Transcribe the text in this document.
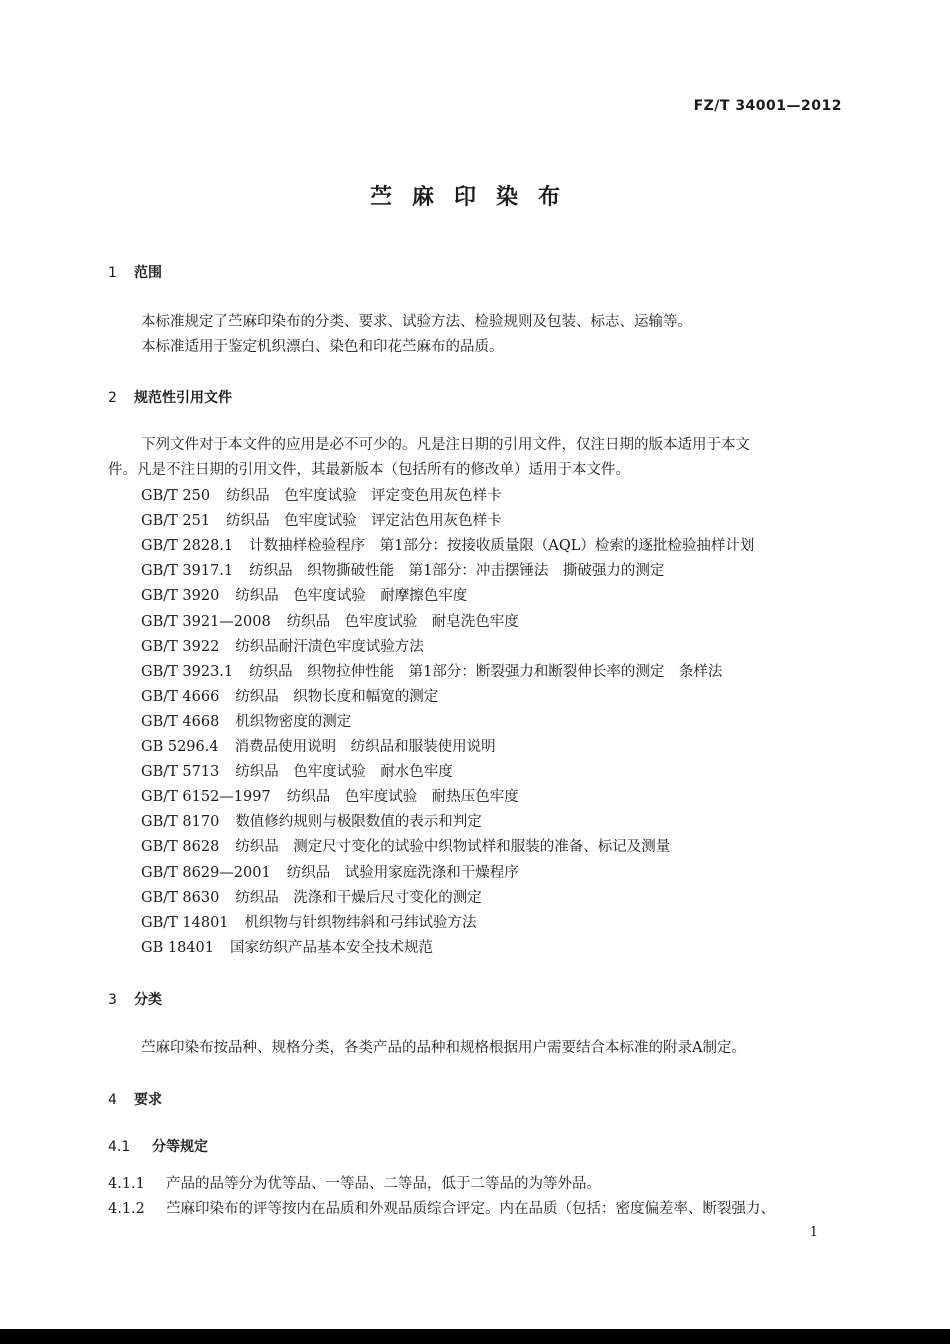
FZ/T 34001—2012
苎麻印染布
1 范围
本标准规定了苎麻印染布的分类、要求、试验方法、检验规则及包装、标志、运输等。
本标准适用于鉴定机织漂白、染色和印花苎麻布的品质。
2 规范性引用文件
下列文件对于本文件的应用是必不可少的。凡是注日期的引用文件，仅注日期的版本适用于本文
件。凡是不注日期的引用文件，其最新版本（包括所有的修改单）适用于本文件。
GB/T 250 纺织品　色牢度试验　评定变色用灰色样卡
GB/T 251 纺织品　色牢度试验　评定沾色用灰色样卡
GB/T 2828.1 计数抽样检验程序　第1部分：按接收质量限（AQL）检索的逐批检验抽样计划
GB/T 3917.1 纺织品　织物撕破性能　第1部分：冲击摆锤法　撕破强力的测定
GB/T 3920 纺织品　色牢度试验　耐摩擦色牢度
GB/T 3921—2008 纺织品　色牢度试验　耐皂洗色牢度
GB/T 3922 纺织品耐汗渍色牢度试验方法
GB/T 3923.1 纺织品　织物拉伸性能　第1部分：断裂强力和断裂伸长率的测定　条样法
GB/T 4666 纺织品　织物长度和幅宽的测定
GB/T 4668 机织物密度的测定
GB 5296.4 消费品使用说明　纺织品和服装使用说明
GB/T 5713 纺织品　色牢度试验　耐水色牢度
GB/T 6152—1997 纺织品　色牢度试验　耐热压色牢度
GB/T 8170 数值修约规则与极限数值的表示和判定
GB/T 8628 纺织品　测定尺寸变化的试验中织物试样和服装的准备、标记及测量
GB/T 8629—2001 纺织品　试验用家庭洗涤和干燥程序
GB/T 8630 纺织品　洗涤和干燥后尺寸变化的测定
GB/T 14801 机织物与针织物纬斜和弓纬试验方法
GB 18401 国家纺织产品基本安全技术规范
3 分类
苎麻印染布按品种、规格分类，各类产品的品种和规格根据用户需要结合本标准的附录A制定。
4 要求
4.1 分等规定
4.1.1 产品的品等分为优等品、一等品、二等品，低于二等品的为等外品。
4.1.2 苎麻印染布的评等按内在品质和外观品质综合评定。内在品质（包括：密度偏差率、断裂强力、
1
